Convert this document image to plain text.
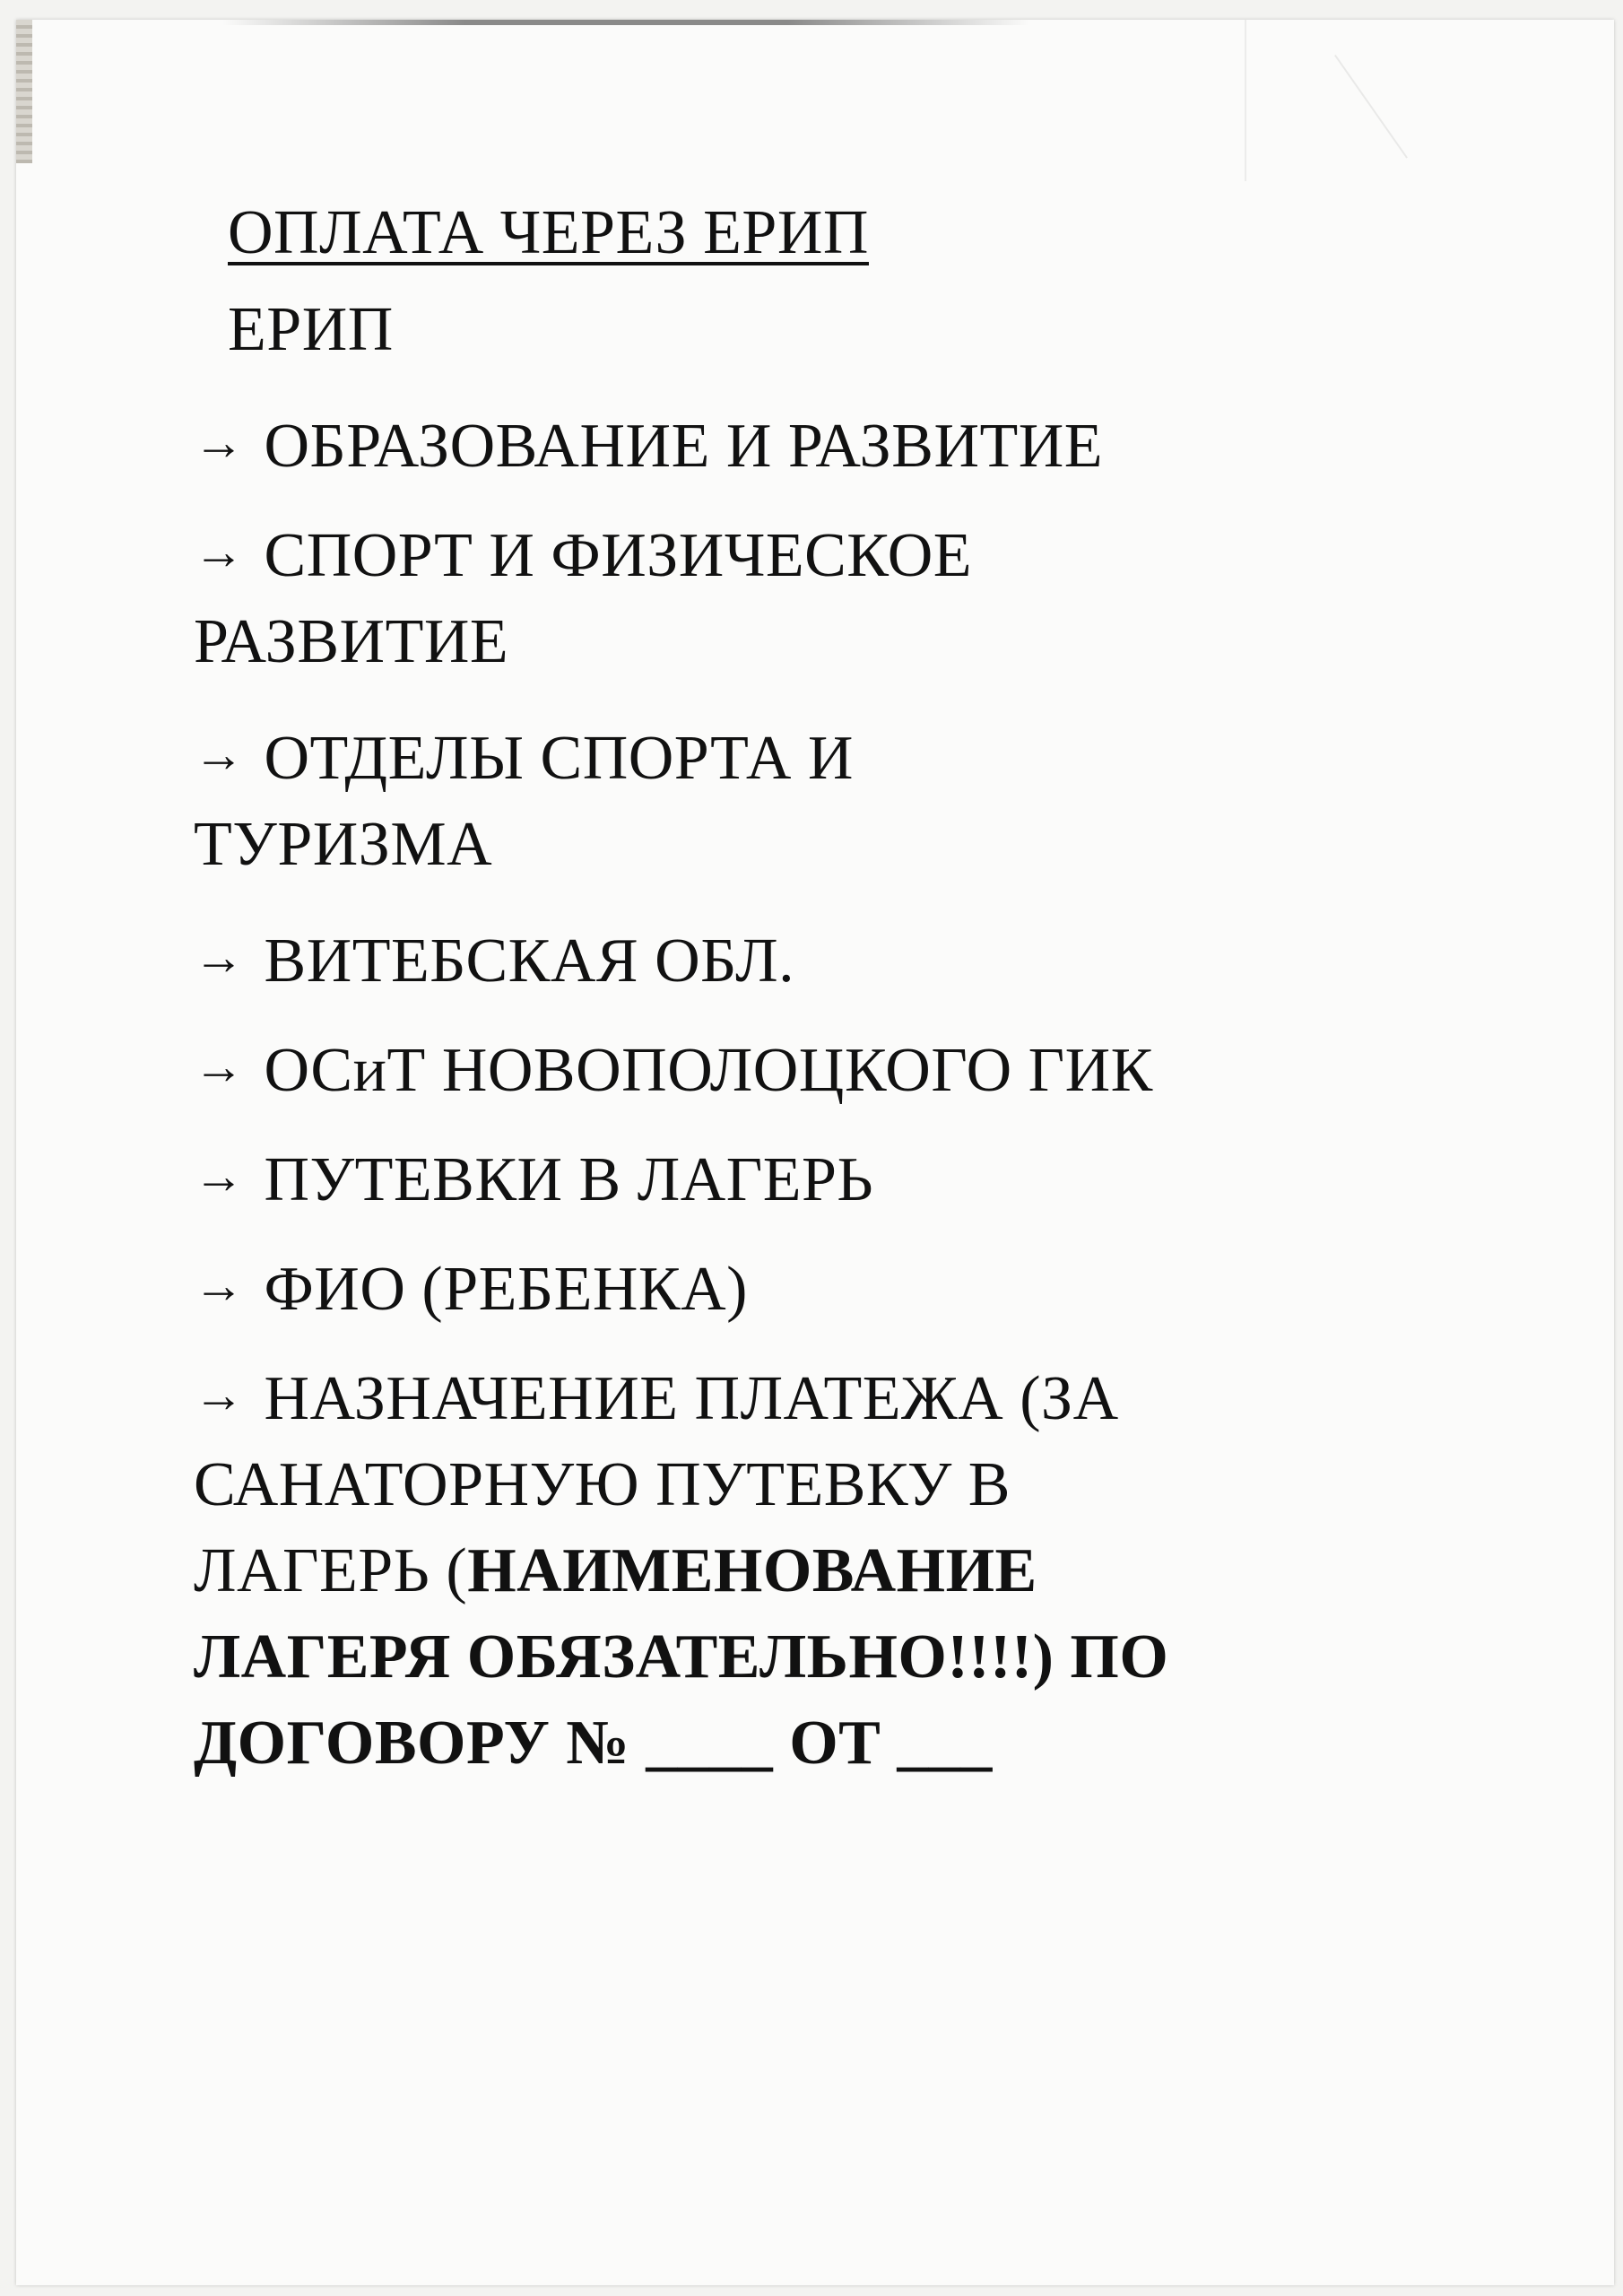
ОПЛАТА ЧЕРЕЗ ЕРИП
ЕРИП
→ ОБРАЗОВАНИЕ И РАЗВИТИЕ
→ СПОРТ И ФИЗИЧЕСКОЕ
РАЗВИТИЕ
→ ОТДЕЛЫ СПОРТА И
ТУРИЗМА
→ ВИТЕБСКАЯ ОБЛ.
→ ОСиТ НОВОПОЛОЦКОГО ГИК
→ ПУТЕВКИ В ЛАГЕРЬ
→ ФИО (РЕБЕНКА)
→ НАЗНАЧЕНИЕ ПЛАТЕЖА (ЗА
САНАТОРНУЮ ПУТЕВКУ В
ЛАГЕРЬ (НАИМЕНОВАНИЕ
ЛАГЕРЯ ОБЯЗАТЕЛЬНО!!!!) ПО
ДОГОВОРУ № ____ ОТ ___
